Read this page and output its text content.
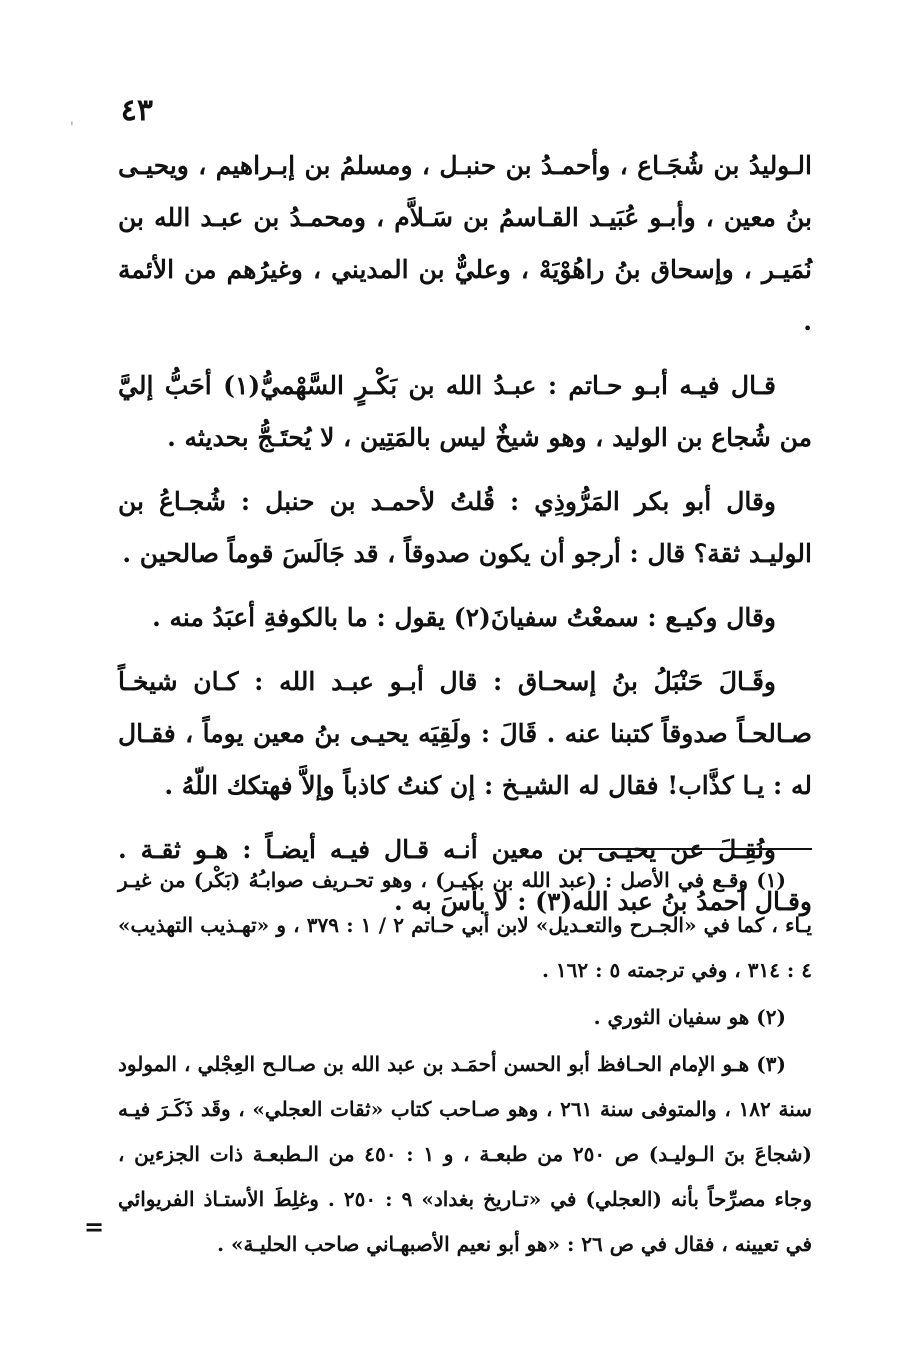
' ٤٣

الـوليدُ بن شُجَـاع ، وأحمـدُ بن حنبـل ، ومسلمُ بن إبـراهيم ، ويحيـى بنُ معين ، وأبـو عُبَيـد القـاسمُ بن سَـلاَّم ، ومحمـدُ بن عبـد الله بن نُمَيـر ، وإسحاق بنُ راهُوْيَهْ ، وعليٌّ بن المديني ، وغيرُهم من الأئمة .

قـال فيـه أبـو حـاتم : عبـدُ الله بن بَكْـرٍ السَّهْميُّ(١) أحَبُّ إليَّ من شُجاع بن الوليد ، وهو شيخٌ ليس بالمَتِين ، لا يُحتَـجُّ بحديثه .

وقال أبو بكر المَرُّوذِي : قُلتُ لأحمـد بن حنبل : شُجـاعُ بن الوليـد ثقة؟ قال : أرجو أن يكون صدوقاً ، قد جَالَسَ قوماً صالحين .

وقال وكيـع : سمعْتُ سفيانَ(٢) يقول : ما بالكوفةِ أعبَدُ منه .

وقَـالَ حَنْبَلُ بنُ إسحـاق : قال أبـو عبـد الله : كـان شيخـاً صـالحـاً صدوقاً كتبنا عنه . قَالَ : ولَقِيَه يحيـى بنُ معين يوماً ، فقـال له : يـا كذَّاب! فقال له الشيـخ : إن كنتُ كاذباً وإلاَّ فهتكك اللّهُ .

ونُقِـلَ عن يحيـى بن معين أنـه قـال فيـه أيضـاً : هـو ثقـة . وقـال أحمدُ بنُ عبد الله(٣) : لا بأسَ به .

(١) وقـع في الأصل : (عبد الله بن بكيـر) ، وهو تحـريف صوابـُهُ (بَكْر) من غيـر يـاء ، كما في «الجـرح والتعـديل» لابن أبي حـاتم ٢ / ١ : ٣٧٩ ، و «تهـذيب التهذيب» ٤ : ٣١٤ ، وفي ترجمته ٥ : ١٦٢ .

(٢) هو سفيان الثوري .

(٣) هـو الإمام الحـافظ أبو الحسن أحمَـد بن عبد الله بن صـالـح العِجْلي ، المولود سنة ١٨٢ ، والمتوفى سنة ٢٦١ ، وهو صـاحب كتاب «ثقات العجلي» ، وقَد ذَكَـرَ فيـه (شجاعَ بنَ الـوليـد) ص ٢٥٠ من طبعـة ، و ١ : ٤٥٠ من الـطبعـة ذات الجزءين ، وجاء مصرِّحاً بأنه (العجلي) في «تـاريخ بغداد» ٩ : ٢٥٠ . وغلِطَ الأستـاذ الفريوائي في تعيينه ، فقال في ص ٢٦ : «هو أبو نعيم الأصبهـاني صاحب الحليـة» .

=
